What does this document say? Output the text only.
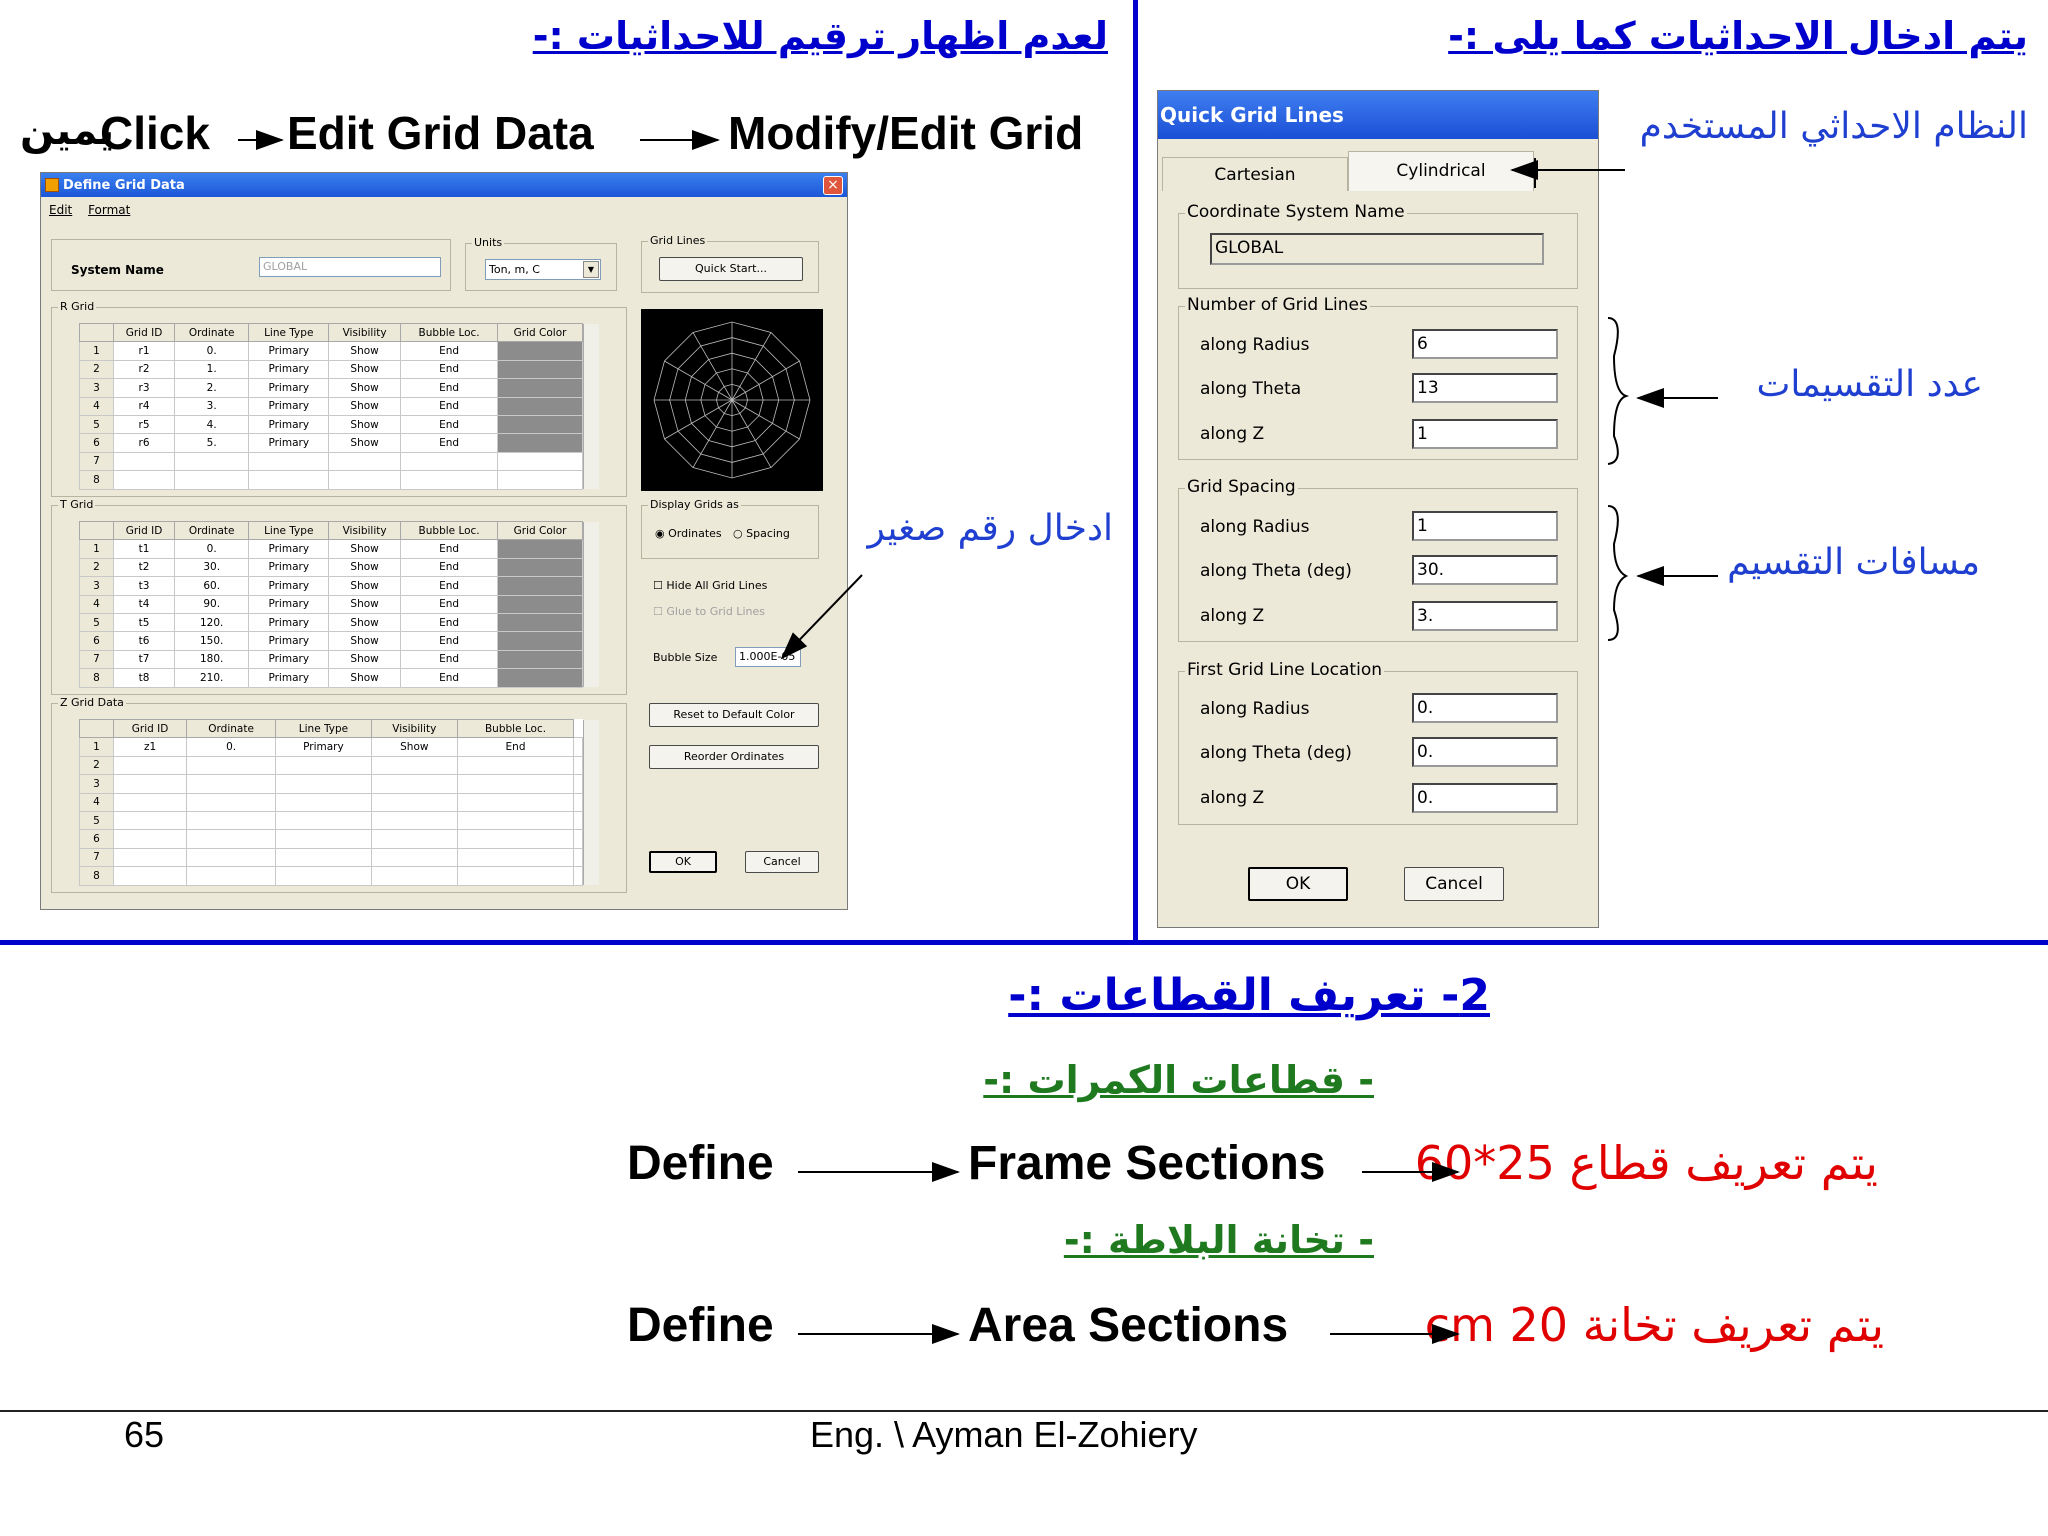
لعدم اظهار ترقيم للاحداثيات :-	يتم ادخال الاحداثيات كما يلى :-
Modify/Edit Grid
Edit Grid Data
Click
يمين
ادخال رقم صغير
النظام الاحداثي المستخدم
عدد التقسيمات
مسافات التقسيم
Define Grid Data	×
Edit Format
System Name	GLOBAL
Units
Ton, m, C	▼
Grid Lines
Quick Start...
R Grid
	Grid ID	Ordinate	Line Type	Visibility	Bubble Loc.	Grid Color
1	r1	0.	Primary	Show	End	
2	r2	1.	Primary	Show	End	
3	r3	2.	Primary	Show	End	
4	r4	3.	Primary	Show	End	
5	r5	4.	Primary	Show	End	
6	r6	5.	Primary	Show	End	
7						
8						
T Grid
	Grid ID	Ordinate	Line Type	Visibility	Bubble Loc.	Grid Color
1	t1	0.	Primary	Show	End	
2	t2	30.	Primary	Show	End	
3	t3	60.	Primary	Show	End	
4	t4	90.	Primary	Show	End	
5	t5	120.	Primary	Show	End	
6	t6	150.	Primary	Show	End	
7	t7	180.	Primary	Show	End	
8	t8	210.	Primary	Show	End	
Z Grid Data
	Grid ID	Ordinate	Line Type	Visibility	Bubble Loc.	
1	z1	0.	Primary	Show	End	
2						
3						
4						
5						
6						
7						
8						
Display Grids as
◉ Ordinates ○ Spacing
☐ Hide All Grid Lines
☐ Glue to Grid Lines
Bubble Size	1.000E-05
Reset to Default Color
Reorder Ordinates
OK	Cancel
Quick Grid Lines
Cartesian	Cylindrical
Coordinate System Name
GLOBAL
Number of Grid Lines
along Radius	6
along Theta	13
along Z	1
Grid Spacing
along Radius	1
along Theta (deg)	30.
along Z	3.
First Grid Line Location
along Radius	0.
along Theta (deg)	0.
along Z	0.
OK	Cancel
2- تعريف القطاعات :-
- قطاعات الكمرات :-
- تخانة البلاطة :-
Define	Frame Sections يتم تعريف قطاع 25*60
Define	Area Sections	يتم تعريف تخانة 20 cm
65	Eng. \ Ayman El-Zohiery
